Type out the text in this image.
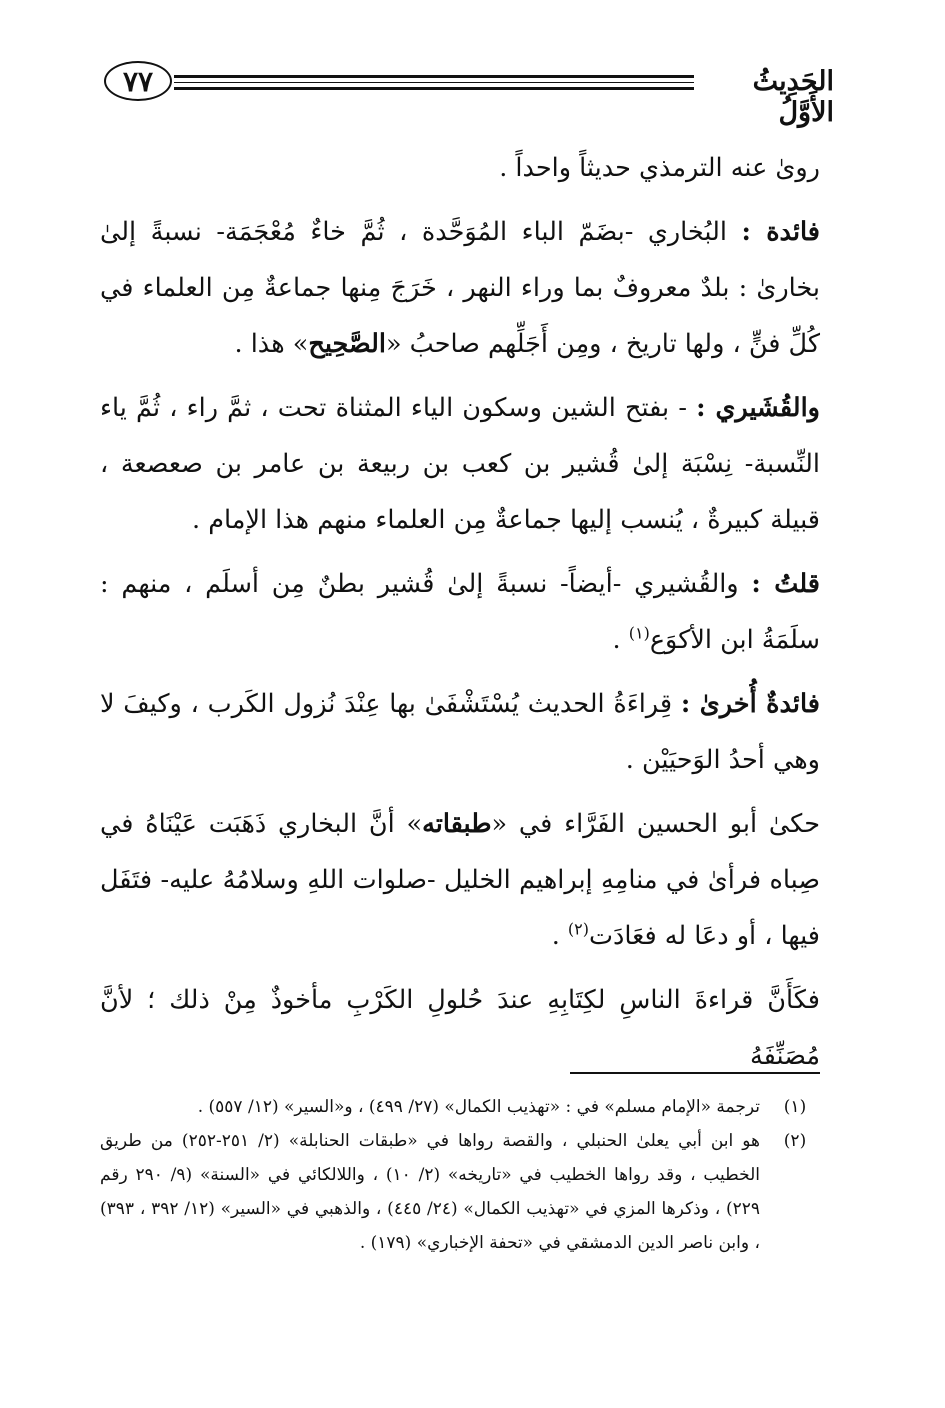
٧٧	الحَدِيثُ الأَوَّلُ

روىٰ عنه الترمذي حديثاً واحداً .

فائدة : البُخاري -بضَمّ الباء المُوَحَّدة ، ثُمَّ خاءٌ مُعْجَمَة- نسبةً إلىٰ بخارىٰ : بلدٌ معروفٌ بما وراء النهر ، خَرَجَ مِنها جماعةٌ مِن العلماء في كُلِّ فنٍّ ، ولها تاريخ ، ومِن أَجَلِّهم صاحبُ «الصَّحِيح» هذا .

والقُشَيري : - بفتح الشين وسكون الياء المثناة تحت ، ثمَّ راء ، ثُمَّ ياء النِّسبة- نِسْبَة إلىٰ قُشير بن كعب بن ربيعة بن عامر بن صعصعة ، قبيلة كبيرةٌ ، يُنسب إليها جماعةٌ مِن العلماء منهم هذا الإمام .

قلتُ : والقُشيري -أيضاً- نسبةً إلىٰ قُشير بطنٌ مِن أسلَم ، منهم : سلَمَةُ ابن الأكوَع$^{(١)}$ .

فائدةٌ أُخرىٰ : قِراءَةُ الحديث يُسْتَشْفَىٰ بها عِنْدَ نُزول الكَرب ، وكيفَ لا وهي أحدُ الوَحيَيْن .

حكىٰ أبو الحسين الفَرَّاء في «طبقاته» أنَّ البخاري ذَهَبَت عَيْنَاهُ في صِباه فرأىٰ في منامِهِ إبراهيم الخليل -صلوات اللهِ وسلامُهُ عليه- فتَفَل فيها ، أو دعَا له فعَادَت$^{(٢)}$ .

فكَأَنَّ قراءةَ الناسِ لكِتَابِهِ عندَ حُلولِ الكَرْبِ مأخوذٌ مِنْ ذلك ؛ لأنَّ مُصَنِّفَهُ

(١)
ترجمة «الإمام مسلم» في : «تهذيب الكمال» (٢٧/ ٤٩٩) ، و«السير» (١٢/ ٥٥٧) .
(٢)
هو ابن أبي يعلىٰ الحنبلي ، والقصة رواها في «طبقات الحنابلة» (٢/ ٢٥١-٢٥٢) من طريق الخطيب ، وقد رواها الخطيب في «تاريخه» (٢/ ١٠) ، واللالكائي في «السنة» (٩/ ٢٩٠ رقم ٢٢٩) ، وذكرها المزي في «تهذيب الكمال» (٢٤/ ٤٤٥) ، والذهبي في «السير» (١٢/ ٣٩٢ ، ٣٩٣) ، وابن ناصر الدين الدمشقي في «تحفة الإخباري» (١٧٩) .
